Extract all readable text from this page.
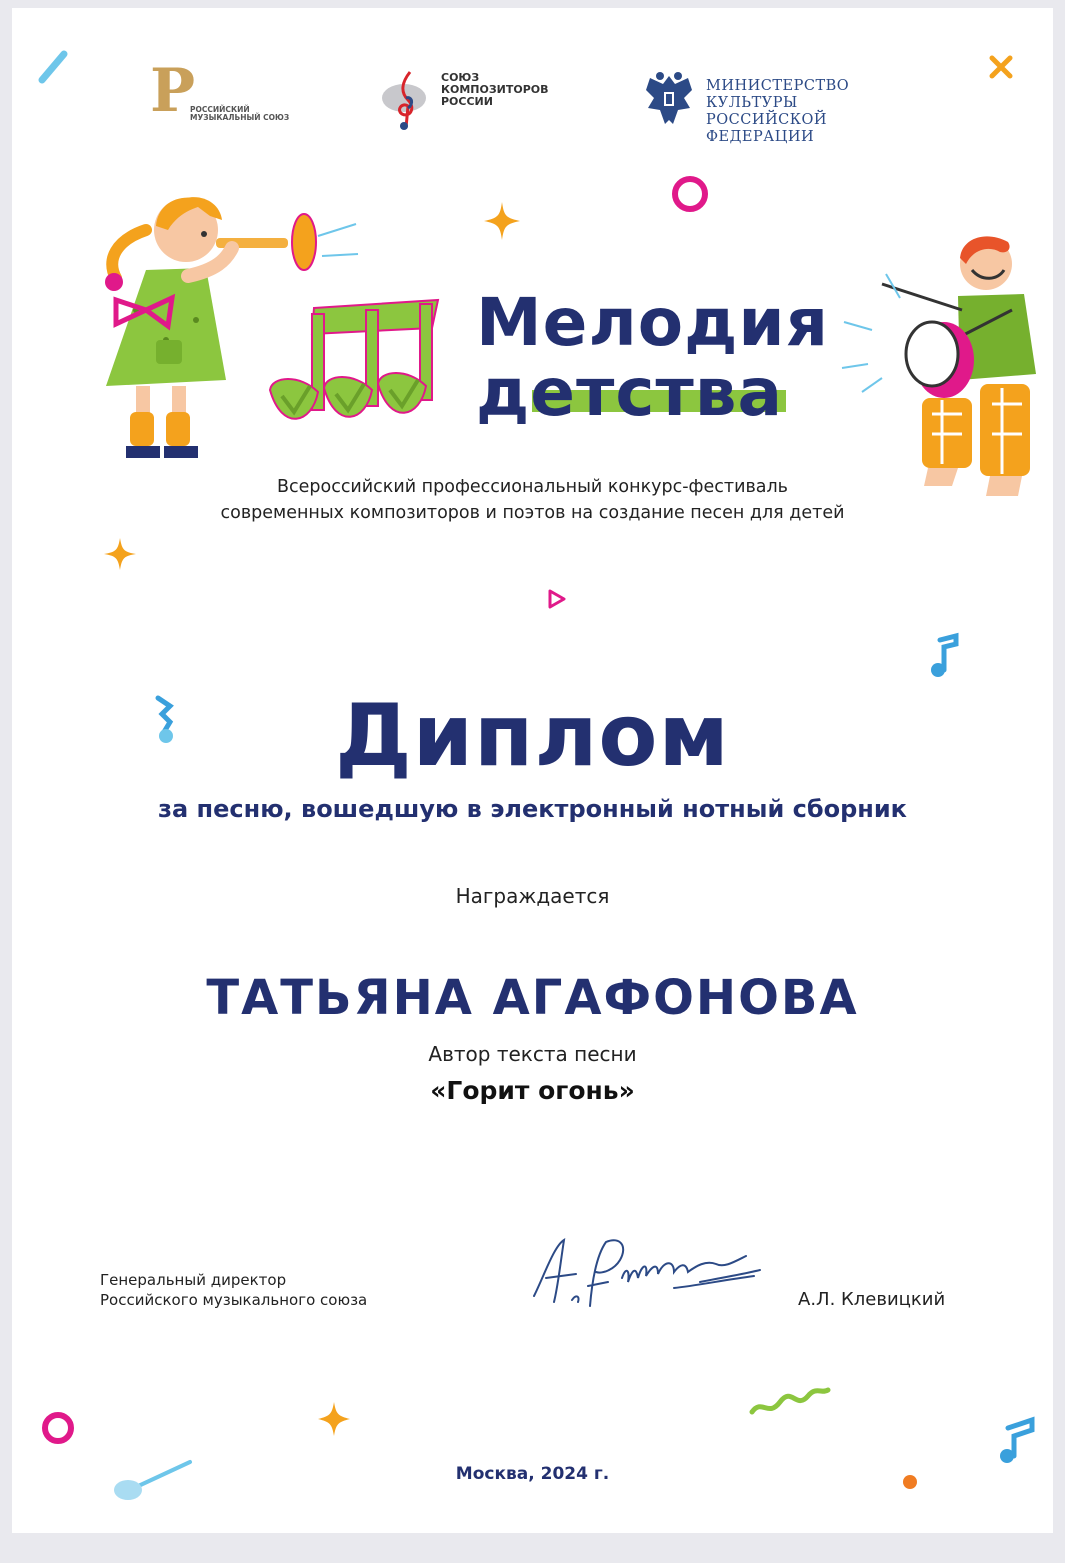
Р
РОССИЙСКИЙ
МУЗЫКАЛЬНЫЙ СОЮЗ
СОЮЗ
КОМПОЗИТОРОВ
РОССИИ
МИНИСТЕРСТВО КУЛЬТУРЫ
РОССИЙСКОЙ ФЕДЕРАЦИИ
Мелодия
детства
Всероссийский профессиональный конкурс-фестиваль
современных композиторов и поэтов на создание песен для детей
Диплом
за песню, вошедшую в электронный нотный сборник
Награждается
ТАТЬЯНА АГАФОНОВА
Автор текста песни
«Горит огонь»
Генеральный директор
Российского музыкального союза	А.Л. Клевицкий
Москва, 2024 г.
